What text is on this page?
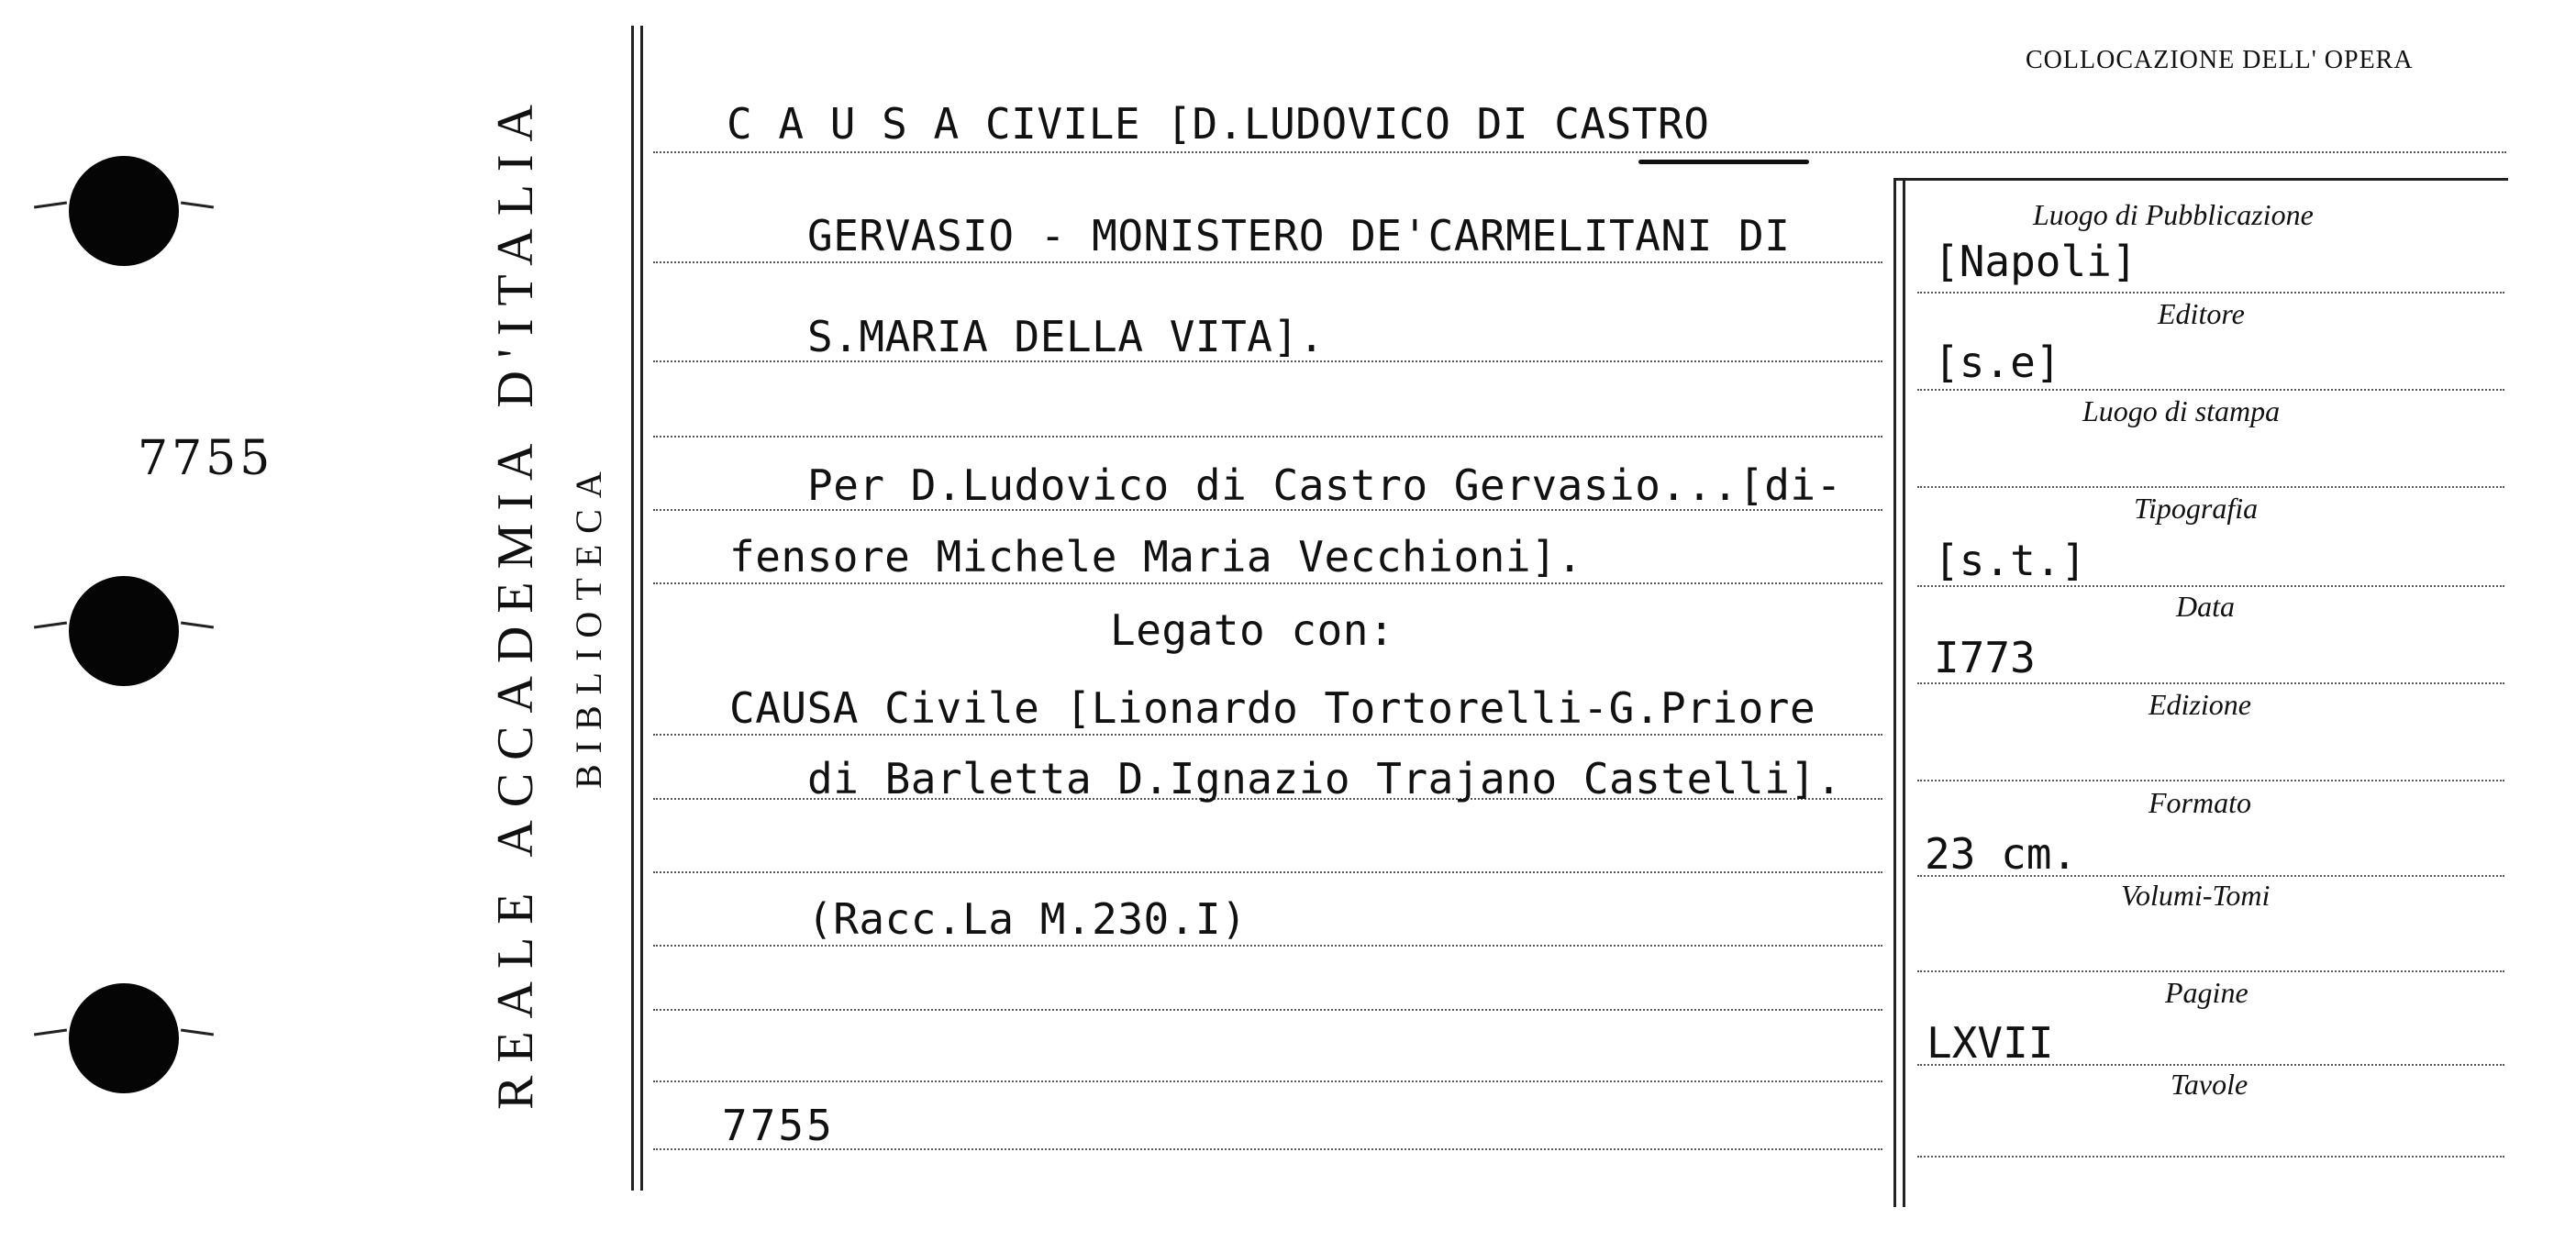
7755	REALE ACCADEMIA D'ITALIA BIBLIOTECA
COLLOCAZIONE DELL' OPERA
C A U S A CIVILE [D.LUDOVICO DI CASTRO
GERVASIO - MONISTERO DE'CARMELITANI DI
S.MARIA DELLA VITA].
Per D.Ludovico di Castro Gervasio...[di-
fensore Michele Maria Vecchioni].
Legato con:
CAUSA Civile [Lionardo Tortorelli-G.Priore
di Barletta D.Ignazio Trajano Castelli].
(Racc.La M.230.I)
7755
Luogo di Pubblicazione
[Napoli]
Editore
[s.e]
Luogo di stampa
Tipografia
[s.t.]
Data
I773
Edizione
Formato
23 cm.
Volumi-Tomi
Pagine
LXVII
Tavole
